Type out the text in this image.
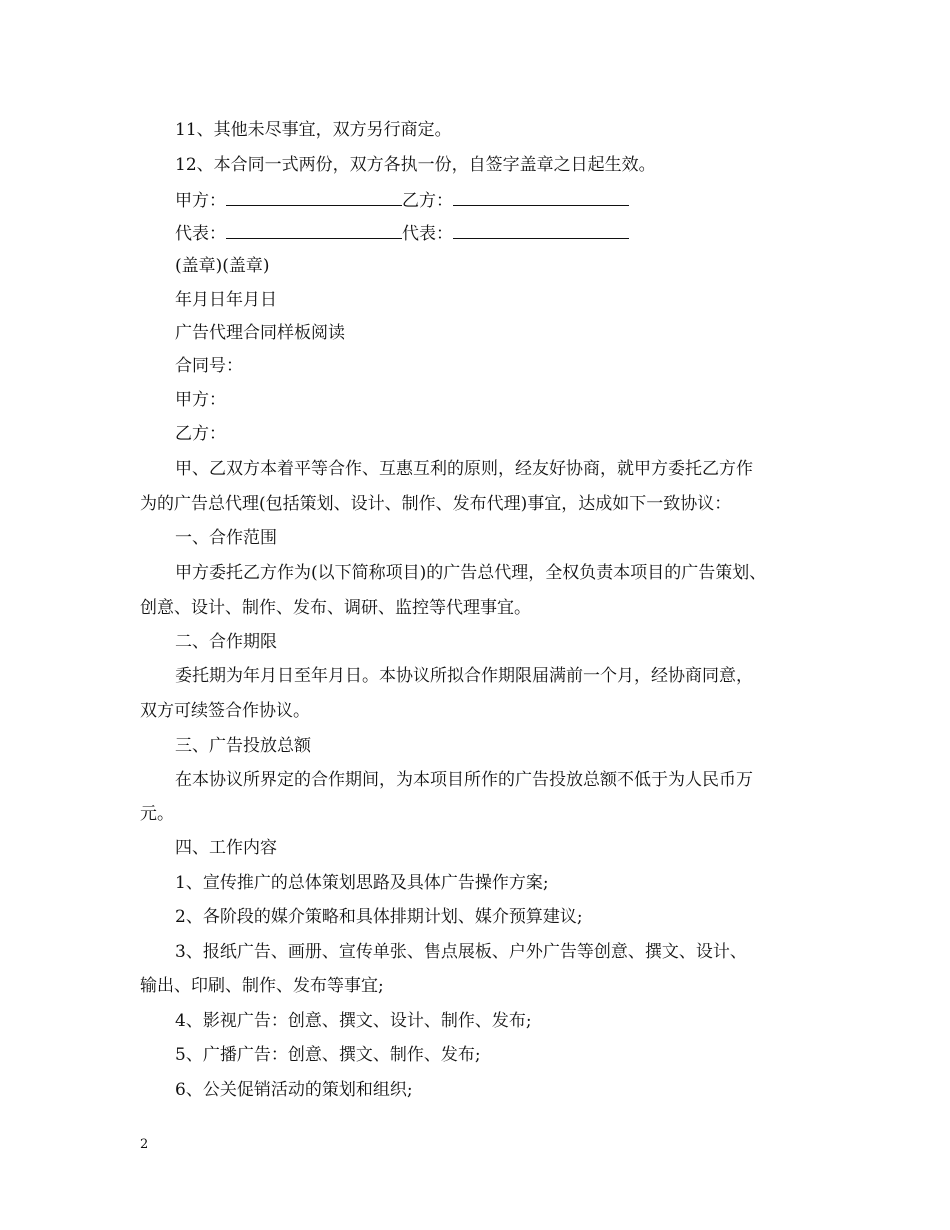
11、其他未尽事宜，双方另行商定。
12、本合同一式两份，双方各执一份，自签字盖章之日起生效。
甲方：	乙方：
代表：	代表：
(盖章)(盖章)
年月日年月日
广告代理合同样板阅读
合同号：
甲方：
乙方：
甲、乙双方本着平等合作、互惠互利的原则，经友好协商，就甲方委托乙方作
为的广告总代理(包括策划、设计、制作、发布代理)事宜，达成如下一致协议：
一、合作范围
甲方委托乙方作为(以下简称项目)的广告总代理，全权负责本项目的广告策划、
创意、设计、制作、发布、调研、监控等代理事宜。
二、合作期限
委托期为年月日至年月日。本协议所拟合作期限届满前一个月，经协商同意，
双方可续签合作协议。
三、广告投放总额
在本协议所界定的合作期间，为本项目所作的广告投放总额不低于为人民币万
元。
四、工作内容
1、宣传推广的总体策划思路及具体广告操作方案;
2、各阶段的媒介策略和具体排期计划、媒介预算建议;
3、报纸广告、画册、宣传单张、售点展板、户外广告等创意、撰文、设计、
输出、印刷、制作、发布等事宜;
4、影视广告：创意、撰文、设计、制作、发布;
5、广播广告：创意、撰文、制作、发布;
6、公关促销活动的策划和组织;
2
